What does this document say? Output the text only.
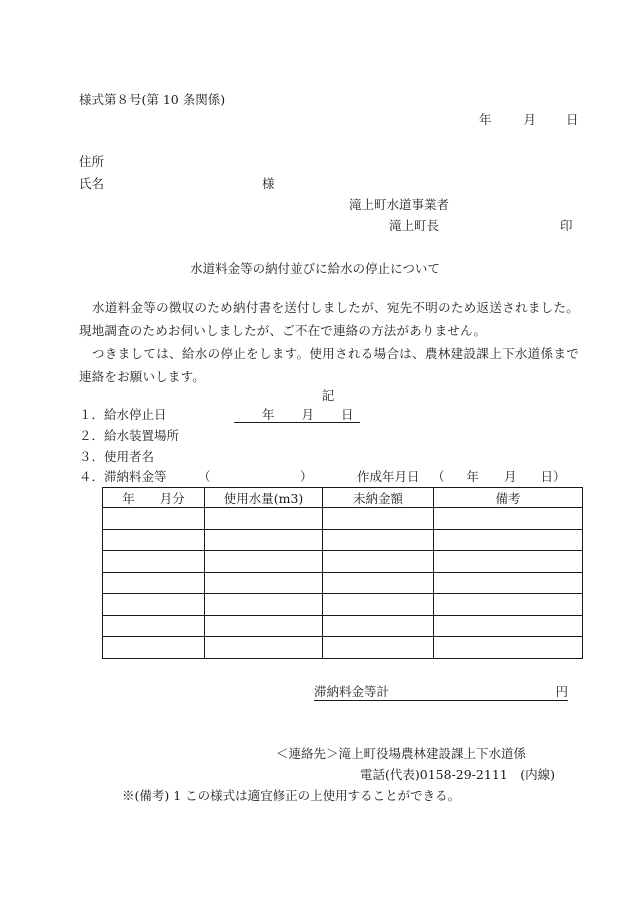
様式第８号(第 10 条関係)
年	月 日
住所
氏名	様
滝上町水道事業者
滝上町長	印
水道料金等の納付並びに給水の停止について

水道料金等の徴収のため納付書を送付しましたが、宛先不明のため返送されました。現地調査のためお伺いしましたが、ご不在で連絡の方法がありません。

つきましては、給水の停止をします。使用される場合は、農林建設課上下水道係まで連絡をお願いします。

記
１．給水停止日	年 月 日
２．給水装置場所
３．使用者名
４．滞納料金等	（	）	作成年月日 （ 年 月 日）
年　　月分	使用水量(m3)	未納金額	備考

滞納料金等計	円
＜連絡先＞滝上町役場農林建設課上下水道係
電話(代表)0158-29-2111　(内線)
※(備考) 1 この様式は適宜修正の上使用することができる。
